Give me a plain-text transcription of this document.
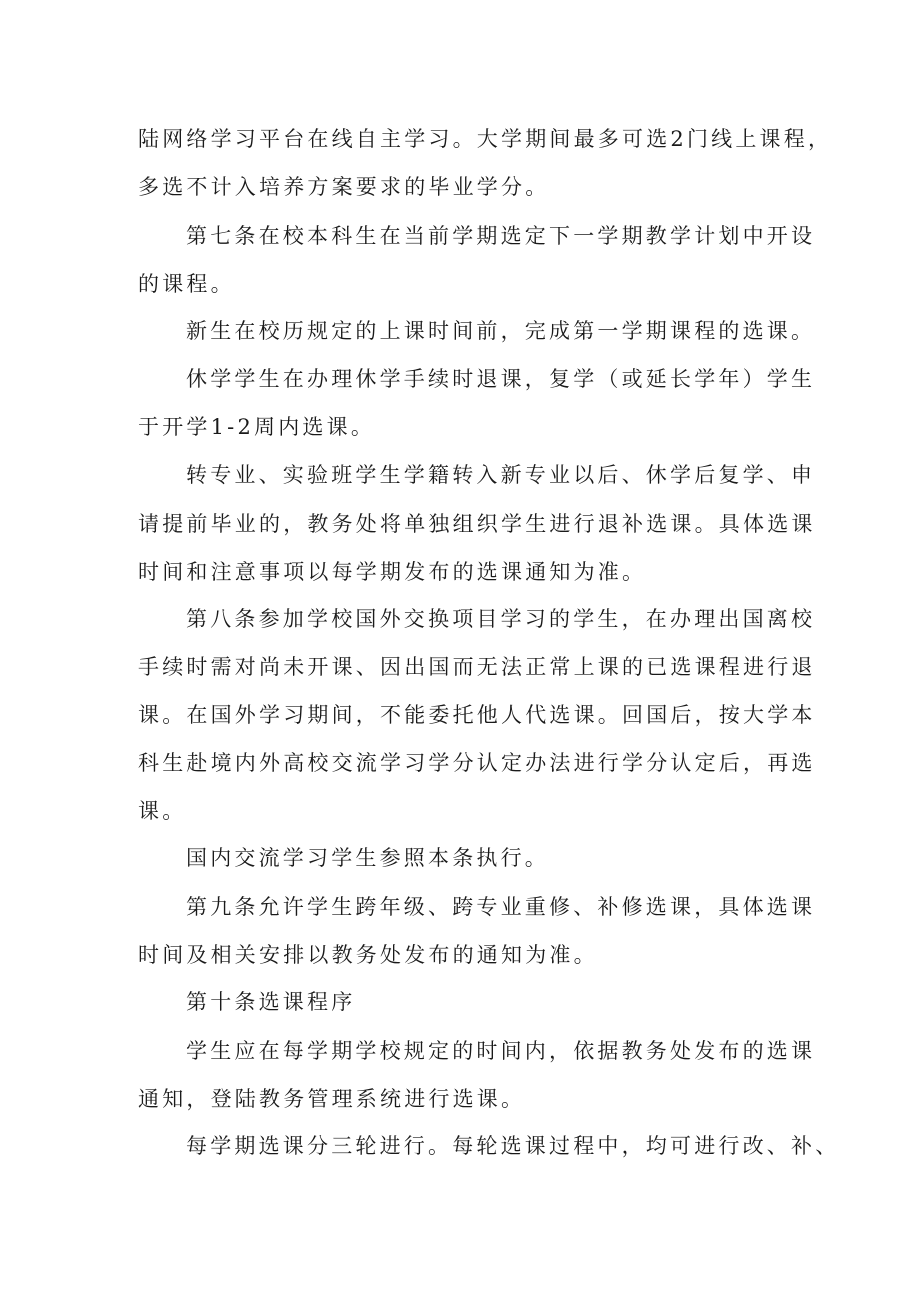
陆网络学习平台在线自主学习。大学期间最多可选2门线上课程，
多选不计入培养方案要求的毕业学分。
第七条在校本科生在当前学期选定下一学期教学计划中开设
的课程。
新生在校历规定的上课时间前，完成第一学期课程的选课。
休学学生在办理休学手续时退课，复学（或延长学年）学生
于开学1-2周内选课。
转专业、实验班学生学籍转入新专业以后、休学后复学、申
请提前毕业的，教务处将单独组织学生进行退补选课。具体选课
时间和注意事项以每学期发布的选课通知为准。
第八条参加学校国外交换项目学习的学生，在办理出国离校
手续时需对尚未开课、因出国而无法正常上课的已选课程进行退
课。在国外学习期间，不能委托他人代选课。回国后，按大学本
科生赴境内外高校交流学习学分认定办法进行学分认定后，再选
课。
国内交流学习学生参照本条执行。
第九条允许学生跨年级、跨专业重修、补修选课，具体选课
时间及相关安排以教务处发布的通知为准。
第十条选课程序
学生应在每学期学校规定的时间内，依据教务处发布的选课
通知，登陆教务管理系统进行选课。
每学期选课分三轮进行。每轮选课过程中，均可进行改、补、
